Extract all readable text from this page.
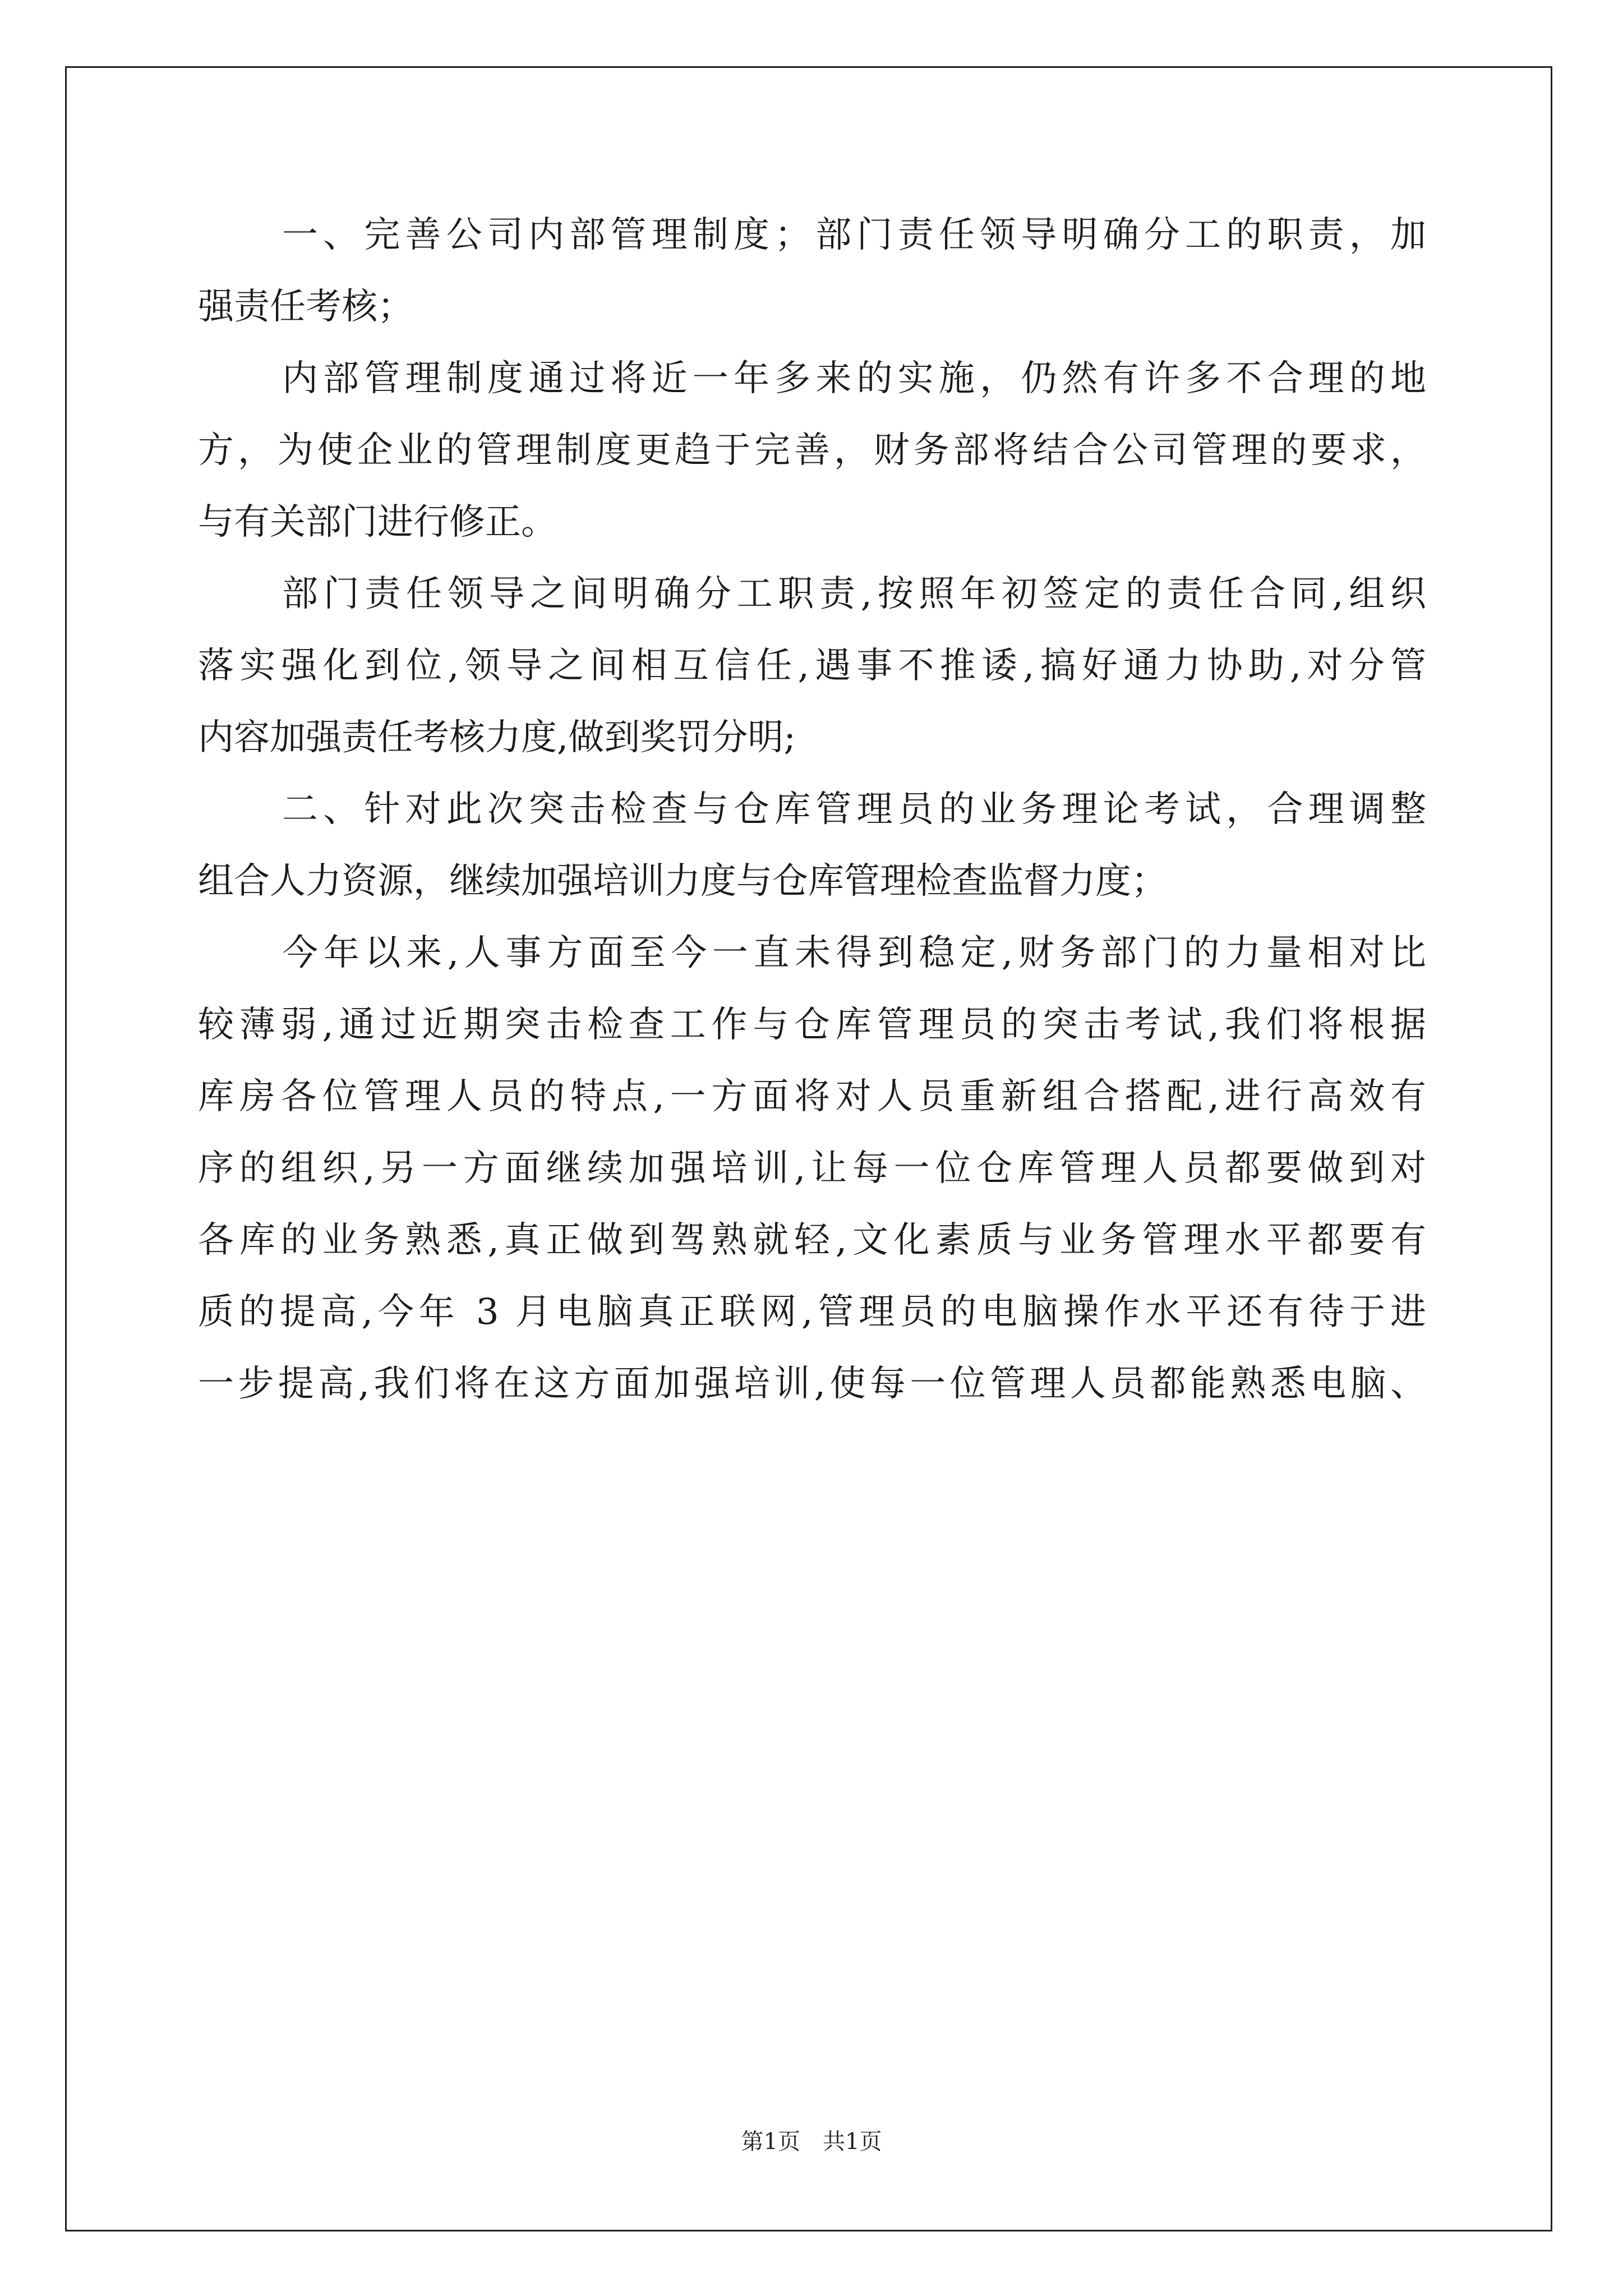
一、完善公司内部管理制度；部门责任领导明确分工的职责，加
强责任考核；
内部管理制度通过将近一年多来的实施，仍然有许多不合理的地
方，为使企业的管理制度更趋于完善，财务部将结合公司管理的要求，
与有关部门进行修正。
部门责任领导之间明确分工职责,按照年初签定的责任合同,组织
落实强化到位,领导之间相互信任,遇事不推诿,搞好通力协助,对分管
内容加强责任考核力度,做到奖罚分明;
二、针对此次突击检查与仓库管理员的业务理论考试，合理调整
组合人力资源，继续加强培训力度与仓库管理检查监督力度；
今年以来,人事方面至今一直未得到稳定,财务部门的力量相对比
较薄弱,通过近期突击检查工作与仓库管理员的突击考试,我们将根据
库房各位管理人员的特点,一方面将对人员重新组合搭配,进行高效有
序的组织,另一方面继续加强培训,让每一位仓库管理人员都要做到对
各库的业务熟悉,真正做到驾熟就轻,文化素质与业务管理水平都要有
质的提高,今年 3 月电脑真正联网,管理员的电脑操作水平还有待于进
一步提高,我们将在这方面加强培训,使每一位管理人员都能熟悉电脑、
第1页　共1页
